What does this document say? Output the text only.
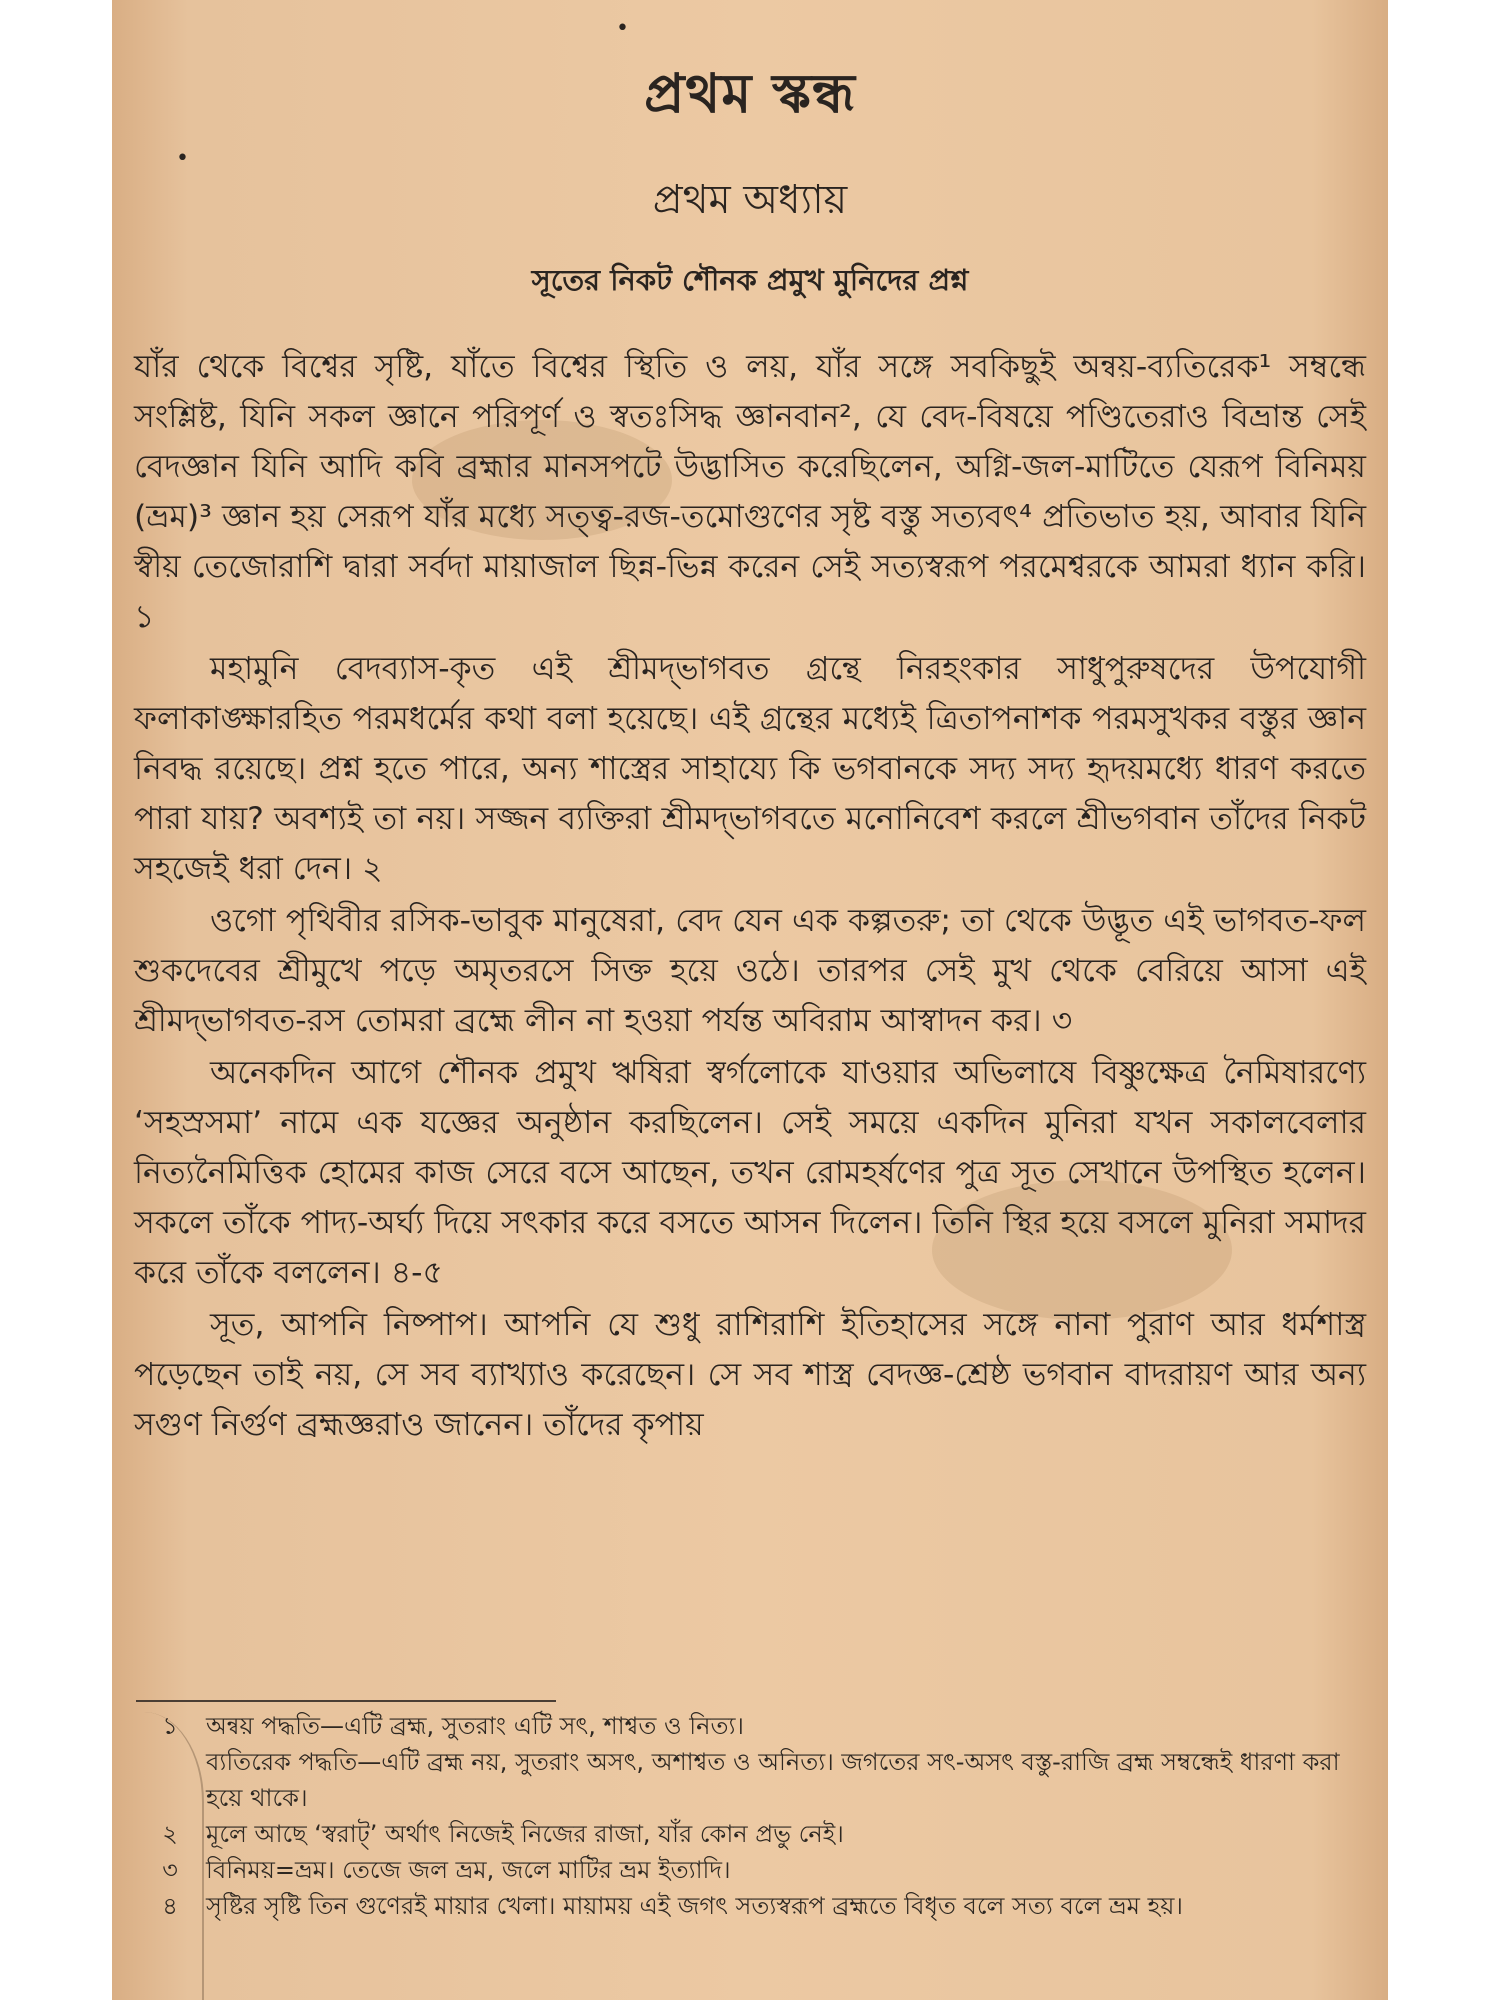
•
•
প্রথম স্কন্ধ
প্রথম অধ্যায়
সূতের নিকট শৌনক প্রমুখ মুনিদের প্রশ্ন

যাঁর থেকে বিশ্বের সৃষ্টি, যাঁতে বিশ্বের স্থিতি ও লয়, যাঁর সঙ্গে সবকিছুই অন্বয়-ব্যতিরেক¹ সম্বন্ধে সংশ্লিষ্ট, যিনি সকল জ্ঞানে পরিপূর্ণ ও স্বতঃসিদ্ধ জ্ঞানবান², যে বেদ-বিষয়ে পণ্ডিতেরাও বিভ্রান্ত সেই বেদজ্ঞান যিনি আদি কবি ব্রহ্মার মানসপটে উদ্ভাসিত করেছিলেন, অগ্নি-জল-মাটিতে যেরূপ বিনিময় (ভ্রম)³ জ্ঞান হয় সেরূপ যাঁর মধ্যে সত্ত্ব-রজ-তমোগুণের সৃষ্ট বস্তু সত্যবৎ⁴ প্রতিভাত হয়, আবার যিনি স্বীয় তেজোরাশি দ্বারা সর্বদা মায়াজাল ছিন্ন-ভিন্ন করেন সেই সত্যস্বরূপ পরমেশ্বরকে আমরা ধ্যান করি। ১

মহামুনি বেদব্যাস-কৃত এই শ্রীমদ্‌ভাগবত গ্রন্থে নিরহংকার সাধুপুরুষদের উপযোগী ফলাকাঙ্ক্ষারহিত পরমধর্মের কথা বলা হয়েছে। এই গ্রন্থের মধ্যেই ত্রিতাপনাশক পরমসুখকর বস্তুর জ্ঞান নিবদ্ধ রয়েছে। প্রশ্ন হতে পারে, অন্য শাস্ত্রের সাহায্যে কি ভগবানকে সদ্য সদ্য হৃদয়মধ্যে ধারণ করতে পারা যায়? অবশ্যই তা নয়। সজ্জন ব্যক্তিরা শ্রীমদ্‌ভাগবতে মনোনিবেশ করলে শ্রীভগবান তাঁদের নিকট সহজেই ধরা দেন। ২

ওগো পৃথিবীর রসিক-ভাবুক মানুষেরা, বেদ যেন এক কল্পতরু; তা থেকে উদ্ভূত এই ভাগবত-ফল শুকদেবের শ্রীমুখে পড়ে অমৃতরসে সিক্ত হয়ে ওঠে। তারপর সেই মুখ থেকে বেরিয়ে আসা এই শ্রীমদ্‌ভাগবত-রস তোমরা ব্রহ্মে লীন না হওয়া পর্যন্ত অবিরাম আস্বাদন কর। ৩

অনেকদিন আগে শৌনক প্রমুখ ঋষিরা স্বর্গলোকে যাওয়ার অভিলাষে বিষ্ণুক্ষেত্র নৈমিষারণ্যে ‘সহস্রসমা’ নামে এক যজ্ঞের অনুষ্ঠান করছিলেন। সেই সময়ে একদিন মুনিরা যখন সকালবেলার নিত্যনৈমিত্তিক হোমের কাজ সেরে বসে আছেন, তখন রোমহর্ষণের পুত্র সূত সেখানে উপস্থিত হলেন। সকলে তাঁকে পাদ্য-অর্ঘ্য দিয়ে সৎকার করে বসতে আসন দিলেন। তিনি স্থির হয়ে বসলে মুনিরা সমাদর করে তাঁকে বললেন। ৪-৫

সূত, আপনি নিষ্পাপ। আপনি যে শুধু রাশিরাশি ইতিহাসের সঙ্গে নানা পুরাণ আর ধর্মশাস্ত্র পড়েছেন তাই নয়, সে সব ব্যাখ্যাও করেছেন। সে সব শাস্ত্র বেদজ্ঞ-শ্রেষ্ঠ ভগবান বাদরায়ণ আর অন্য সগুণ নির্গুণ ব্রহ্মজ্ঞরাও জানেন। তাঁদের কৃপায়

১	অন্বয় পদ্ধতি—এটি ব্রহ্ম, সুতরাং এটি সৎ, শাশ্বত ও নিত্য।
ব্যতিরেক পদ্ধতি—এটি ব্রহ্ম নয়, সুতরাং অসৎ, অশাশ্বত ও অনিত্য। জগতের সৎ-অসৎ বস্তু-রাজি ব্রহ্ম সম্বন্ধেই ধারণা করা হয়ে থাকে।
২	মূলে আছে ‘স্বরাট্’ অর্থাৎ নিজেই নিজের রাজা, যাঁর কোন প্রভু নেই।
৩	বিনিময়=ভ্রম। তেজে জল ভ্রম, জলে মাটির ভ্রম ইত্যাদি।
৪	সৃষ্টির সৃষ্টি তিন গুণেরই মায়ার খেলা। মায়াময় এই জগৎ সত্যস্বরূপ ব্রহ্মতে বিধৃত বলে সত্য বলে ভ্রম হয়।
